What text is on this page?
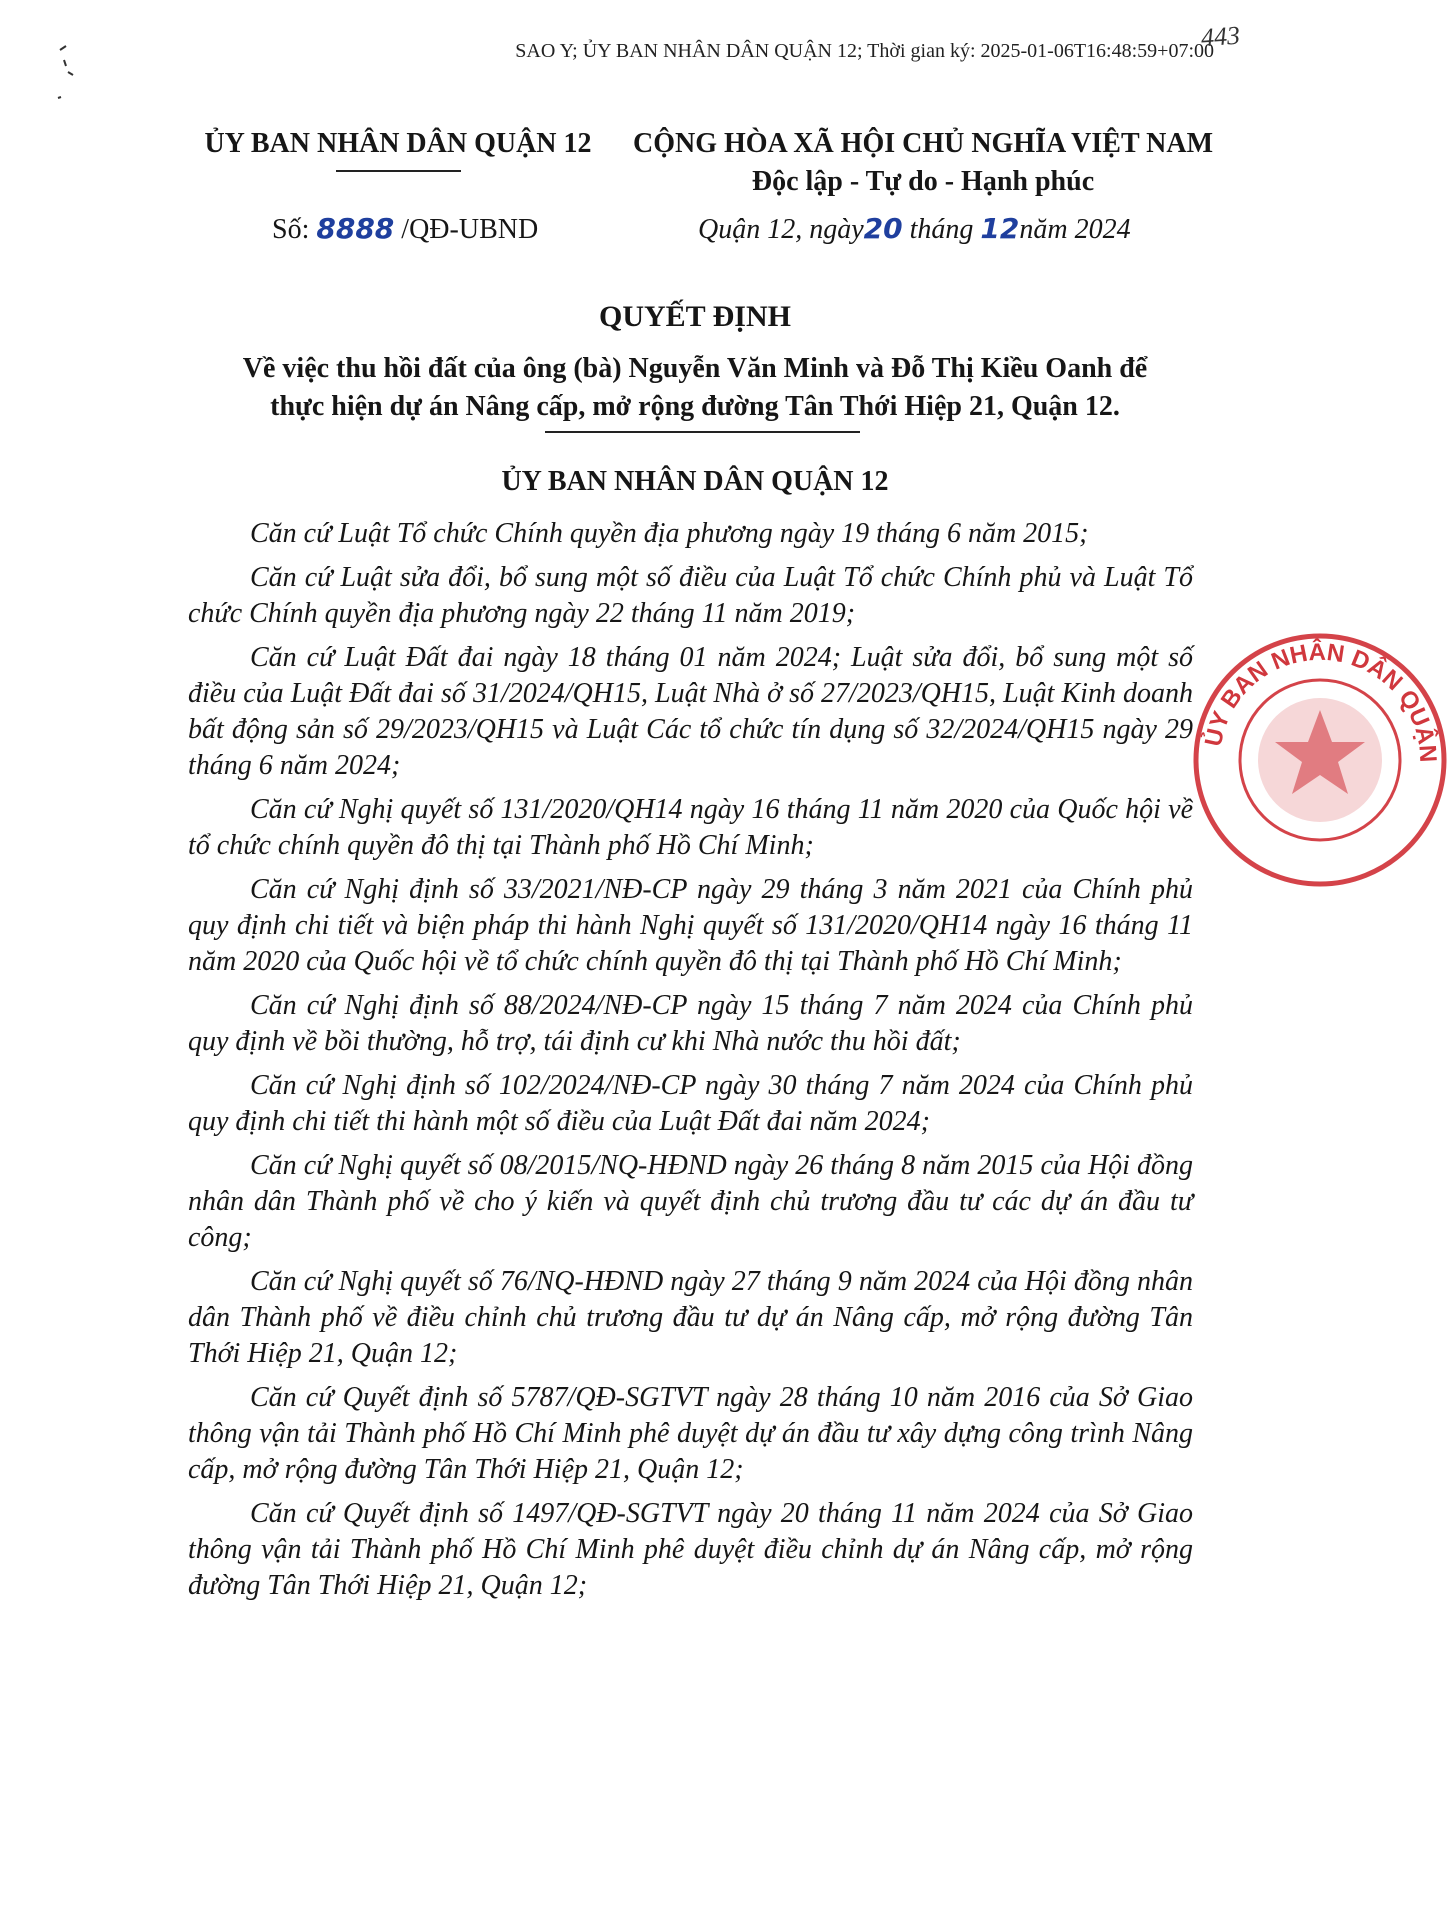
SAO Y; ỦY BAN NHÂN DÂN QUẬN 12; Thời gian ký: 2025-01-06T16:48:59+07:00
443
ỦY BAN NHÂN DÂN QUẬN 12	CỘNG HÒA XÃ HỘI CHỦ NGHĨA VIỆT NAM
Độc lập - Tự do - Hạnh phúc
Số: 8888 /QĐ-UBND	Quận 12, ngày20 tháng 12năm 2024
QUYẾT ĐỊNH
Về việc thu hồi đất của ông (bà) Nguyễn Văn Minh và Đỗ Thị Kiều Oanh để
thực hiện dự án Nâng cấp, mở rộng đường Tân Thới Hiệp 21, Quận 12.
ỦY BAN NHÂN DÂN QUẬN 12

Căn cứ Luật Tổ chức Chính quyền địa phương ngày 19 tháng 6 năm 2015;

Căn cứ Luật sửa đổi, bổ sung một số điều của Luật Tổ chức Chính phủ và Luật Tổ chức Chính quyền địa phương ngày 22 tháng 11 năm 2019;

Căn cứ Luật Đất đai ngày 18 tháng 01 năm 2024; Luật sửa đổi, bổ sung một số điều của Luật Đất đai số 31/2024/QH15, Luật Nhà ở số 27/2023/QH15, Luật Kinh doanh bất động sản số 29/2023/QH15 và Luật Các tổ chức tín dụng số 32/2024/QH15 ngày 29 tháng 6 năm 2024;

Căn cứ Nghị quyết số 131/2020/QH14 ngày 16 tháng 11 năm 2020 của Quốc hội về tổ chức chính quyền đô thị tại Thành phố Hồ Chí Minh;

Căn cứ Nghị định số 33/2021/NĐ-CP ngày 29 tháng 3 năm 2021 của Chính phủ quy định chi tiết và biện pháp thi hành Nghị quyết số 131/2020/QH14 ngày 16 tháng 11 năm 2020 của Quốc hội về tổ chức chính quyền đô thị tại Thành phố Hồ Chí Minh;

Căn cứ Nghị định số 88/2024/NĐ-CP ngày 15 tháng 7 năm 2024 của Chính phủ quy định về bồi thường, hỗ trợ, tái định cư khi Nhà nước thu hồi đất;

Căn cứ Nghị định số 102/2024/NĐ-CP ngày 30 tháng 7 năm 2024 của Chính phủ quy định chi tiết thi hành một số điều của Luật Đất đai năm 2024;

Căn cứ Nghị quyết số 08/2015/NQ-HĐND ngày 26 tháng 8 năm 2015 của Hội đồng nhân dân Thành phố về cho ý kiến và quyết định chủ trương đầu tư các dự án đầu tư công;

Căn cứ Nghị quyết số 76/NQ-HĐND ngày 27 tháng 9 năm 2024 của Hội đồng nhân dân Thành phố về điều chỉnh chủ trương đầu tư dự án Nâng cấp, mở rộng đường Tân Thới Hiệp 21, Quận 12;

Căn cứ Quyết định số 5787/QĐ-SGTVT ngày 28 tháng 10 năm 2016 của Sở Giao thông vận tải Thành phố Hồ Chí Minh phê duyệt dự án đầu tư xây dựng công trình Nâng cấp, mở rộng đường Tân Thới Hiệp 21, Quận 12;

Căn cứ Quyết định số 1497/QĐ-SGTVT ngày 20 tháng 11 năm 2024 của Sở Giao thông vận tải Thành phố Hồ Chí Minh phê duyệt điều chỉnh dự án Nâng cấp, mở rộng đường Tân Thới Hiệp 21, Quận 12;

ỦY BAN NHÂN DÂN QUẬN
